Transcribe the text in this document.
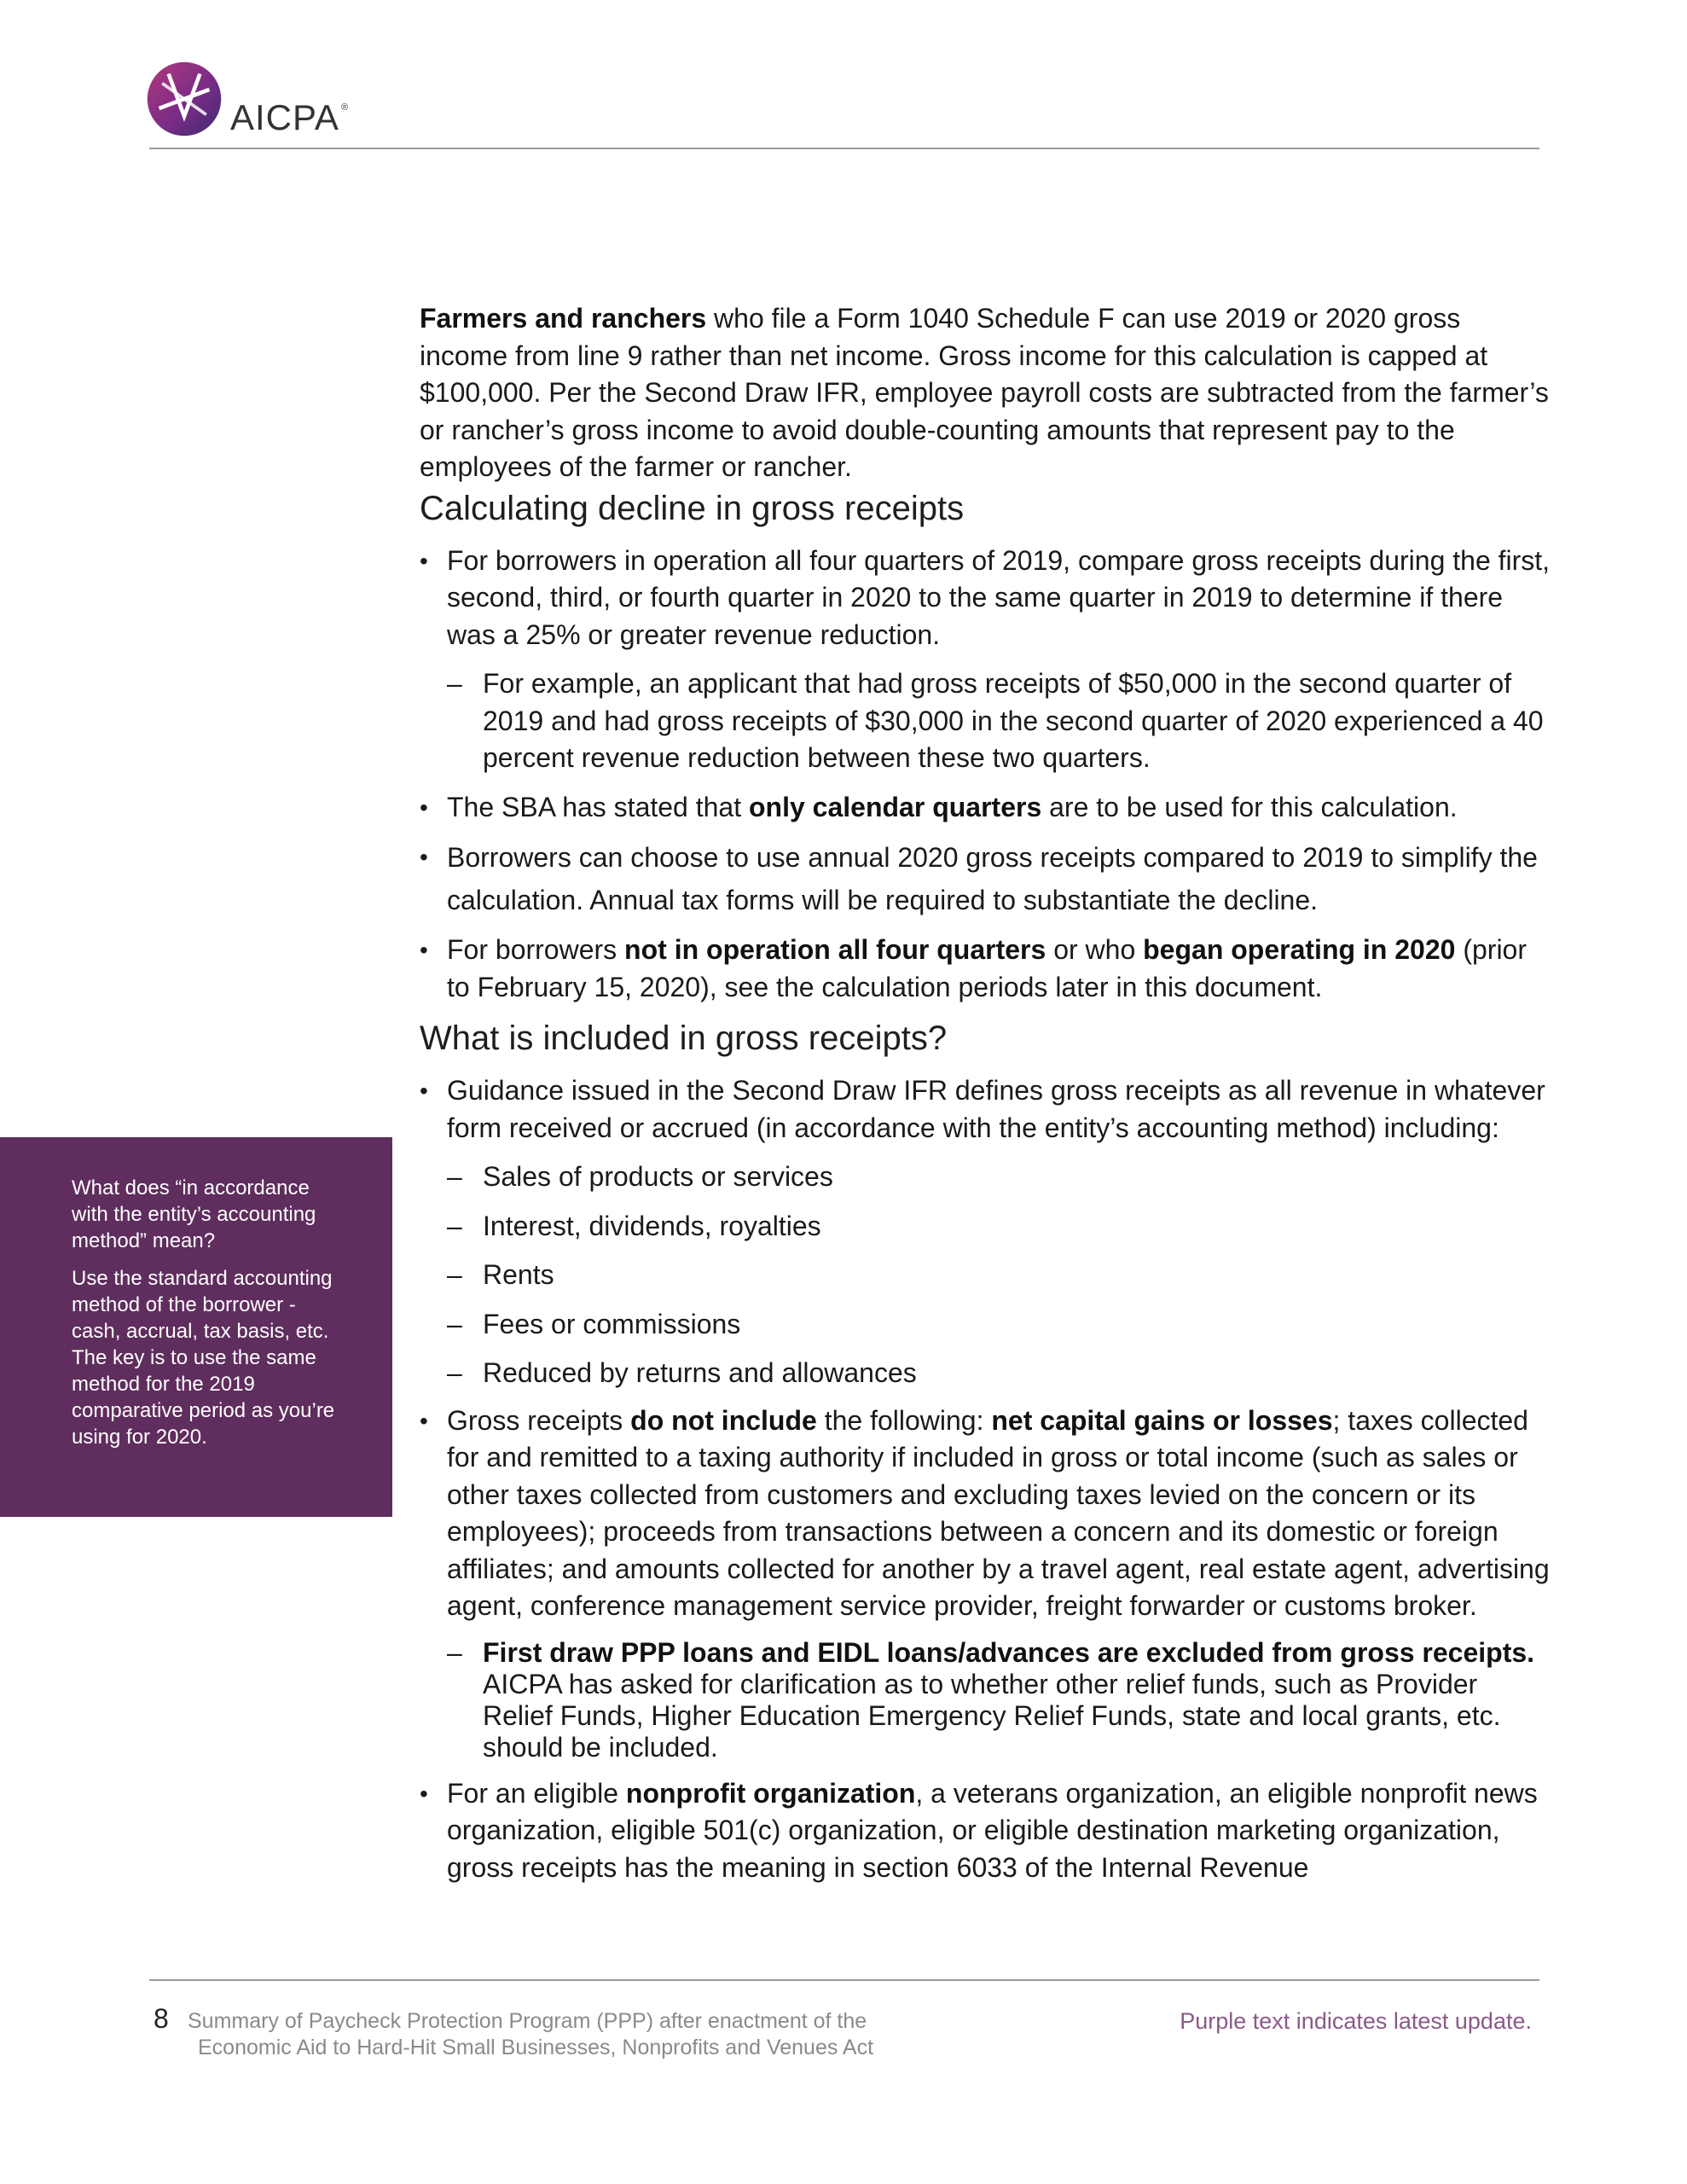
AICPA ®

Farmers and ranchers who file a Form 1040 Schedule F can use 2019 or 2020 gross income from line 9 rather than net income. Gross income for this calculation is capped at $100,000. Per the Second Draw IFR, employee payroll costs are subtracted from the farmer’s or rancher’s gross income to avoid double-counting amounts that represent pay to the employees of the farmer or rancher.

Calculating decline in gross receipts
• For borrowers in operation all four quarters of 2019, compare gross receipts during the first, second, third, or fourth quarter in 2020 to the same quarter in 2019 to determine if there was a 25% or greater revenue reduction.
– For example, an applicant that had gross receipts of $50,000 in the second quarter of 2019 and had gross receipts of $30,000 in the second quarter of 2020 experienced a 40 percent revenue reduction between these two quarters.
• The SBA has stated that only calendar quarters are to be used for this calculation.
• Borrowers can choose to use annual 2020 gross receipts compared to 2019 to simplify the calculation. Annual tax forms will be required to substantiate the decline.
• For borrowers not in operation all four quarters or who began operating in 2020 (prior to February 15, 2020), see the calculation periods later in this document.
What is included in gross receipts?
• Guidance issued in the Second Draw IFR defines gross receipts as all revenue in whatever form received or accrued (in accordance with the entity’s accounting method) including:
– Sales of products or services
– Interest, dividends, royalties
– Rents
– Fees or commissions
– Reduced by returns and allowances
• Gross receipts do not include the following: net capital gains or losses; taxes collected for and remitted to a taxing authority if included in gross or total income (such as sales or other taxes collected from customers and excluding taxes levied on the concern or its employees); proceeds from transactions between a concern and its domestic or foreign affiliates; and amounts collected for another by a travel agent, real estate agent, advertising agent, conference management service provider, freight forwarder or customs broker.
– First draw PPP loans and EIDL loans/advances are excluded from gross receipts. AICPA has asked for clarification as to whether other relief funds, such as Provider Relief Funds, Higher Education Emergency Relief Funds, state and local grants, etc. should be included.
• For an eligible nonprofit organization, a veterans organization, an eligible nonprofit news organization, eligible 501(c) organization, or eligible destination marketing organization, gross receipts has the meaning in section 6033 of the Internal Revenue

What does “in accordance with the entity’s accounting method” mean?

Use the standard accounting method of the borrower - cash, accrual, tax basis, etc. The key is to use the same method for the 2019 comparative period as you’re using for 2020.

8 Summary of Paycheck Protection Program (PPP) after enactment of the
Economic Aid to Hard-Hit Small Businesses, Nonprofits and Venues Act
Purple text indicates latest update.
